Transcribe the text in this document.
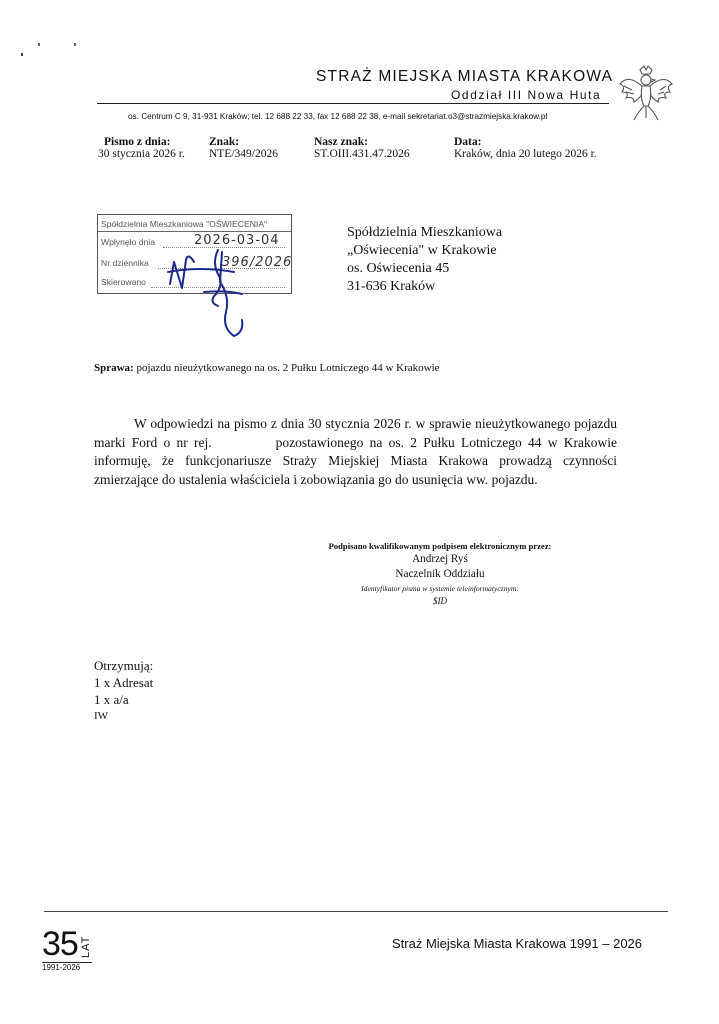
STRAŻ MIEJSKA MIASTA KRAKOWA
Oddział III Nowa Huta
os. Centrum C 9, 31-931 Kraków; tel. 12 688 22 33, fax 12 688 22 38, e-mail sekretariat.o3@strazmiejska.krakow.pl
Pismo z dnia:
30 stycznia 2026 r.
Znak:
NTE/349/2026
Nasz znak:
ST.OIII.431.47.2026
Data:
Kraków, dnia 20 lutego 2026 r.
Spółdzielnia Mieszkaniowa "OŚWIECENIA"
Wpłynęło dnia	2026-03-04
Nr dziennika	396/2026
Skierowano
Spółdzielnia Mieszkaniowa
„Oświecenia" w Krakowie
os. Oświecenia 45
31-636 Kraków
Sprawa: pojazdu nieużytkowanego na os. 2 Pułku Lotniczego 44 w Krakowie
W odpowiedzi na pismo z dnia 30 stycznia 2026 r. w sprawie nieużytkowanego pojazdu marki Ford o nr rej.	pozostawionego na os. 2 Pułku Lotniczego 44 w Krakowie informuję, że funkcjonariusze Straży Miejskiej Miasta Krakowa prowadzą czynności zmierzające do ustalenia właściciela i zobowiązania go do usunięcia ww. pojazdu.
Podpisano kwalifikowanym podpisem elektronicznym przez:
Andrzej Ryś
Naczelnik Oddziału
Identyfikator pisma w systemie teleinformatycznym:
$ID
Otrzymują:
1 x Adresat
1 x a/a
IW
35 LAT
1991-2026
Straż Miejska Miasta Krakowa 1991 – 2026
